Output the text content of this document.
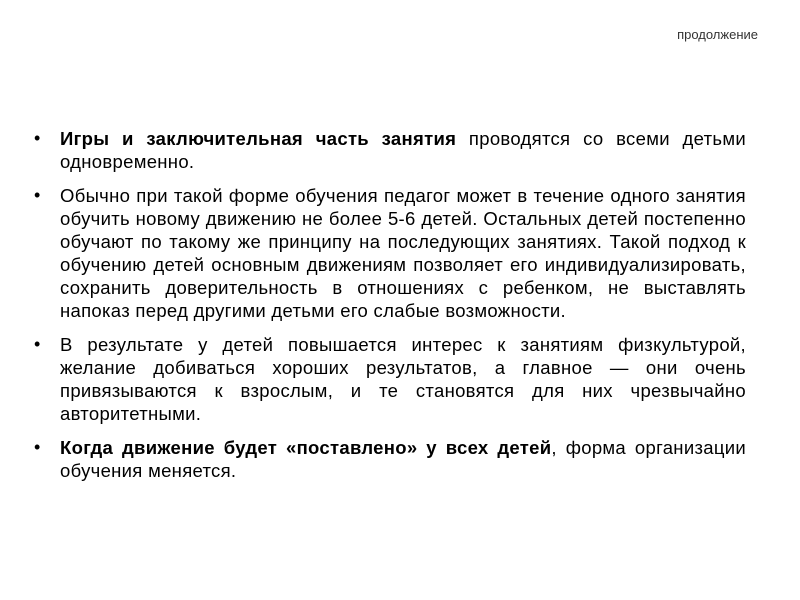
продолжение
•	Игры и заключительная часть занятия проводятся со всеми детьми одновременно.
•	Обычно при такой форме обучения педагог может в течение одного занятия обучить новому движению не более 5-6 детей. Остальных детей постепенно обучают по такому же принципу на последующих занятиях. Такой подход к обучению детей основным движениям позволяет его индивидуализировать, сохранить доверительность в отношениях с ребенком, не выставлять напоказ перед другими детьми его слабые возможности.
•	В результате у детей повышается интерес к занятиям физкультурой, желание добиваться хороших результатов, а главное — они очень привязываются к взрослым, и те становятся для них чрезвычайно авторитетными.
•	Когда движение будет «поставлено» у всех детей, форма организации обучения меняется.
